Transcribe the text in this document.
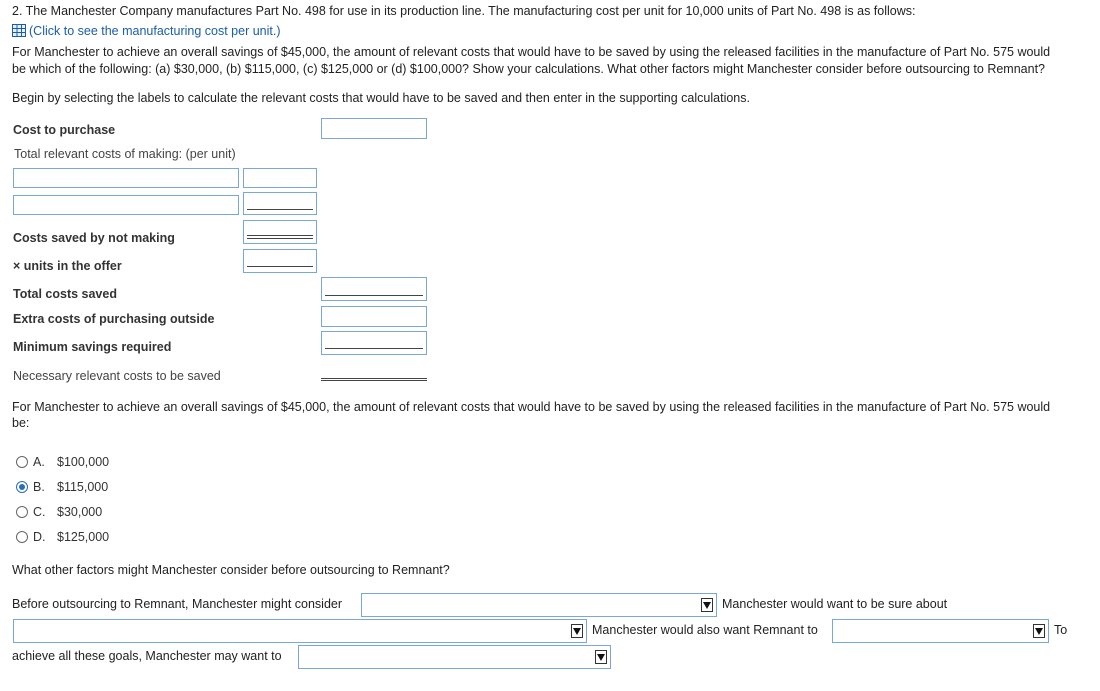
2. The Manchester Company manufactures Part No. 498 for use in its production line. The manufacturing cost per unit for 10,000 units of Part No. 498 is as follows:
(Click to see the manufacturing cost per unit.)
For Manchester to achieve an overall savings of $45,000, the amount of relevant costs that would have to be saved by using the released facilities in the manufacture of Part No. 575 would
be which of the following: (a) $30,000, (b) $115,000, (c) $125,000 or (d) $100,000? Show your calculations. What other factors might Manchester consider before outsourcing to Remnant?
Begin by selecting the labels to calculate the relevant costs that would have to be saved and then enter in the supporting calculations.
Cost to purchase
Total relevant costs of making: (per unit)
Costs saved by not making
× units in the offer
Total costs saved
Extra costs of purchasing outside
Minimum savings required
Necessary relevant costs to be saved
For Manchester to achieve an overall savings of $45,000, the amount of relevant costs that would have to be saved by using the released facilities in the manufacture of Part No. 575 would
be:
A. $100,000
B. $115,000
C. $30,000
D. $125,000
What other factors might Manchester consider before outsourcing to Remnant?
Before outsourcing to Remnant, Manchester might consider	Manchester would want to be sure about
Manchester would also want Remnant to	To
achieve all these goals, Manchester may want to
